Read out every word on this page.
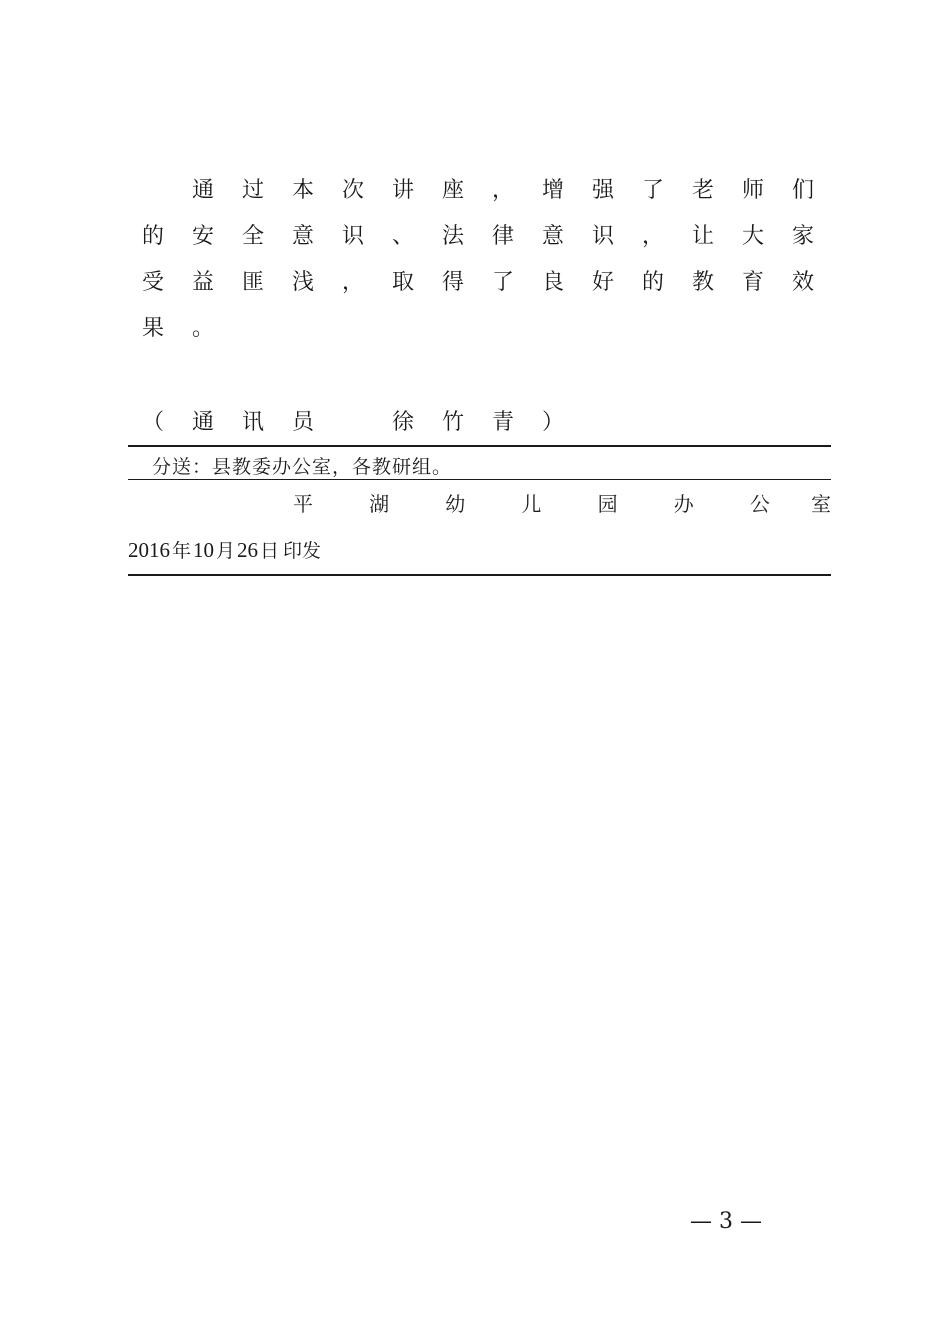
通	过	本	次	讲	座	，	增	强	了	老	师	们
的	安	全	意	识	、	法	律	意	识	，	让	大	家
受	益	匪	浅	，	取	得	了	良	好	的	教	育	效
果	。
（	通	讯	员	徐	竹	青	）
分送：县教委办公室，各教研组。
平	湖	幼	儿	园	办	公	室
2016 年10 月26 日 印发
— 3 —
